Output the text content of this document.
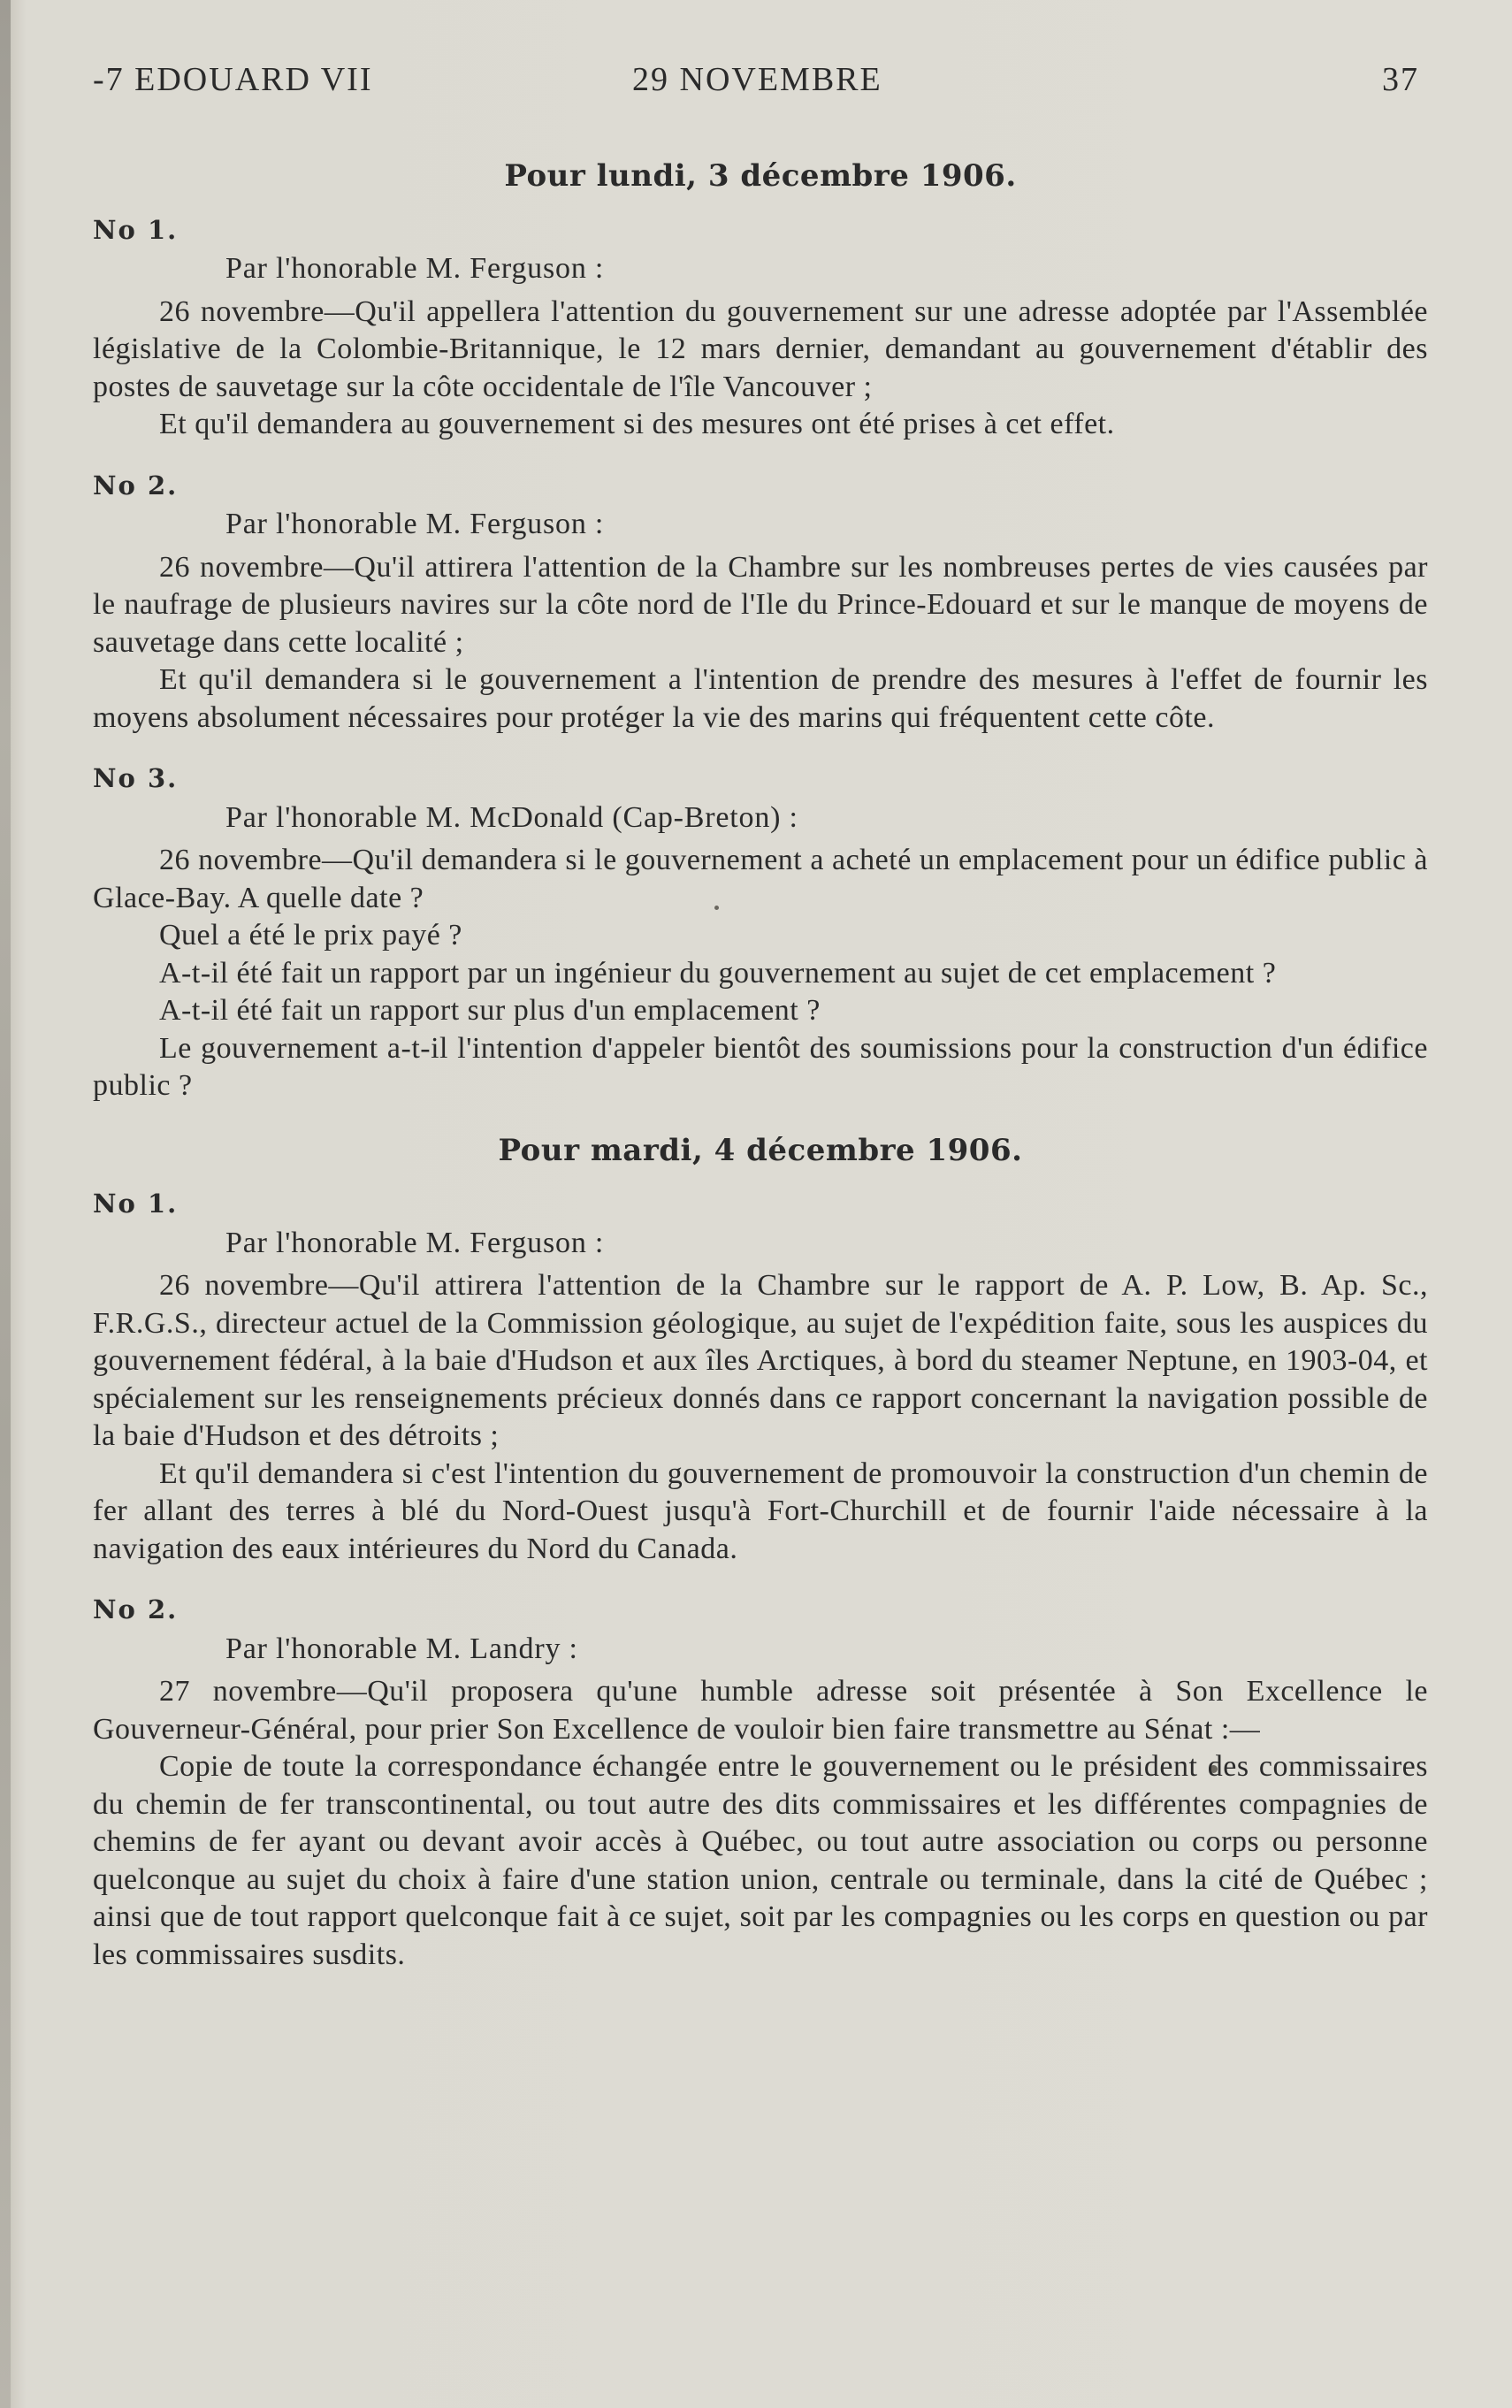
-7 EDOUARD VII	29 NOVEMBRE	37
Pour lundi, 3 décembre 1906.
No 1.
Par l'honorable M. Ferguson :

26 novembre—Qu'il appellera l'attention du gouvernement sur une adresse adoptée par l'Assemblée législative de la Colombie-Britannique, le 12 mars dernier, demandant au gouvernement d'établir des postes de sauvetage sur la côte occidentale de l'île Vancouver ;

Et qu'il demandera au gouvernement si des mesures ont été prises à cet effet.

No 2.
Par l'honorable M. Ferguson :

26 novembre—Qu'il attirera l'attention de la Chambre sur les nombreuses pertes de vies causées par le naufrage de plusieurs navires sur la côte nord de l'Ile du Prince-Edouard et sur le manque de moyens de sauvetage dans cette localité ;

Et qu'il demandera si le gouvernement a l'intention de prendre des mesures à l'effet de fournir les moyens absolument nécessaires pour protéger la vie des marins qui fréquentent cette côte.

No 3.
Par l'honorable M. McDonald (Cap-Breton) :

26 novembre—Qu'il demandera si le gouvernement a acheté un emplacement pour un édifice public à Glace-Bay. A quelle date ?

Quel a été le prix payé ?

A-t-il été fait un rapport par un ingénieur du gouvernement au sujet de cet emplacement ?

A-t-il été fait un rapport sur plus d'un emplacement ?

Le gouvernement a-t-il l'intention d'appeler bientôt des soumissions pour la construction d'un édifice public ?

Pour mardi, 4 décembre 1906.
No 1.
Par l'honorable M. Ferguson :

26 novembre—Qu'il attirera l'attention de la Chambre sur le rapport de A. P. Low, B. Ap. Sc., F.R.G.S., directeur actuel de la Commission géologique, au sujet de l'expédition faite, sous les auspices du gouvernement fédéral, à la baie d'Hudson et aux îles Arctiques, à bord du steamer Neptune, en 1903-04, et spécialement sur les renseignements précieux donnés dans ce rapport concernant la navigation possible de la baie d'Hudson et des détroits ;

Et qu'il demandera si c'est l'intention du gouvernement de promouvoir la construction d'un chemin de fer allant des terres à blé du Nord-Ouest jusqu'à Fort-Churchill et de fournir l'aide nécessaire à la navigation des eaux intérieures du Nord du Canada.

No 2.
Par l'honorable M. Landry :

27 novembre—Qu'il proposera qu'une humble adresse soit présentée à Son Excellence le Gouverneur-Général, pour prier Son Excellence de vouloir bien faire transmettre au Sénat :—

Copie de toute la correspondance échangée entre le gouvernement ou le président des commissaires du chemin de fer transcontinental, ou tout autre des dits commissaires et les différentes compagnies de chemins de fer ayant ou devant avoir accès à Québec, ou tout autre association ou corps ou personne quelconque au sujet du choix à faire d'une station union, centrale ou terminale, dans la cité de Québec ; ainsi que de tout rapport quelconque fait à ce sujet, soit par les compagnies ou les corps en question ou par les commissaires susdits.
